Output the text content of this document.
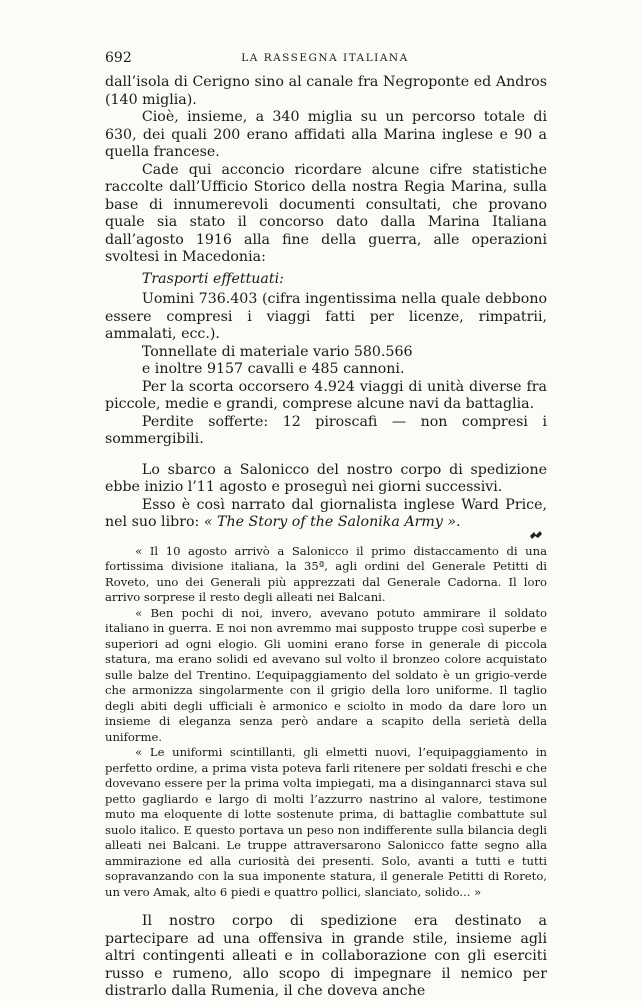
692	LA RASSEGNA ITALIANA

dall’isola di Cerigno sino al canale fra Negroponte ed Andros (140 miglia).

Cioè, insieme, a 340 miglia su un percorso totale di 630, dei quali 200 erano affidati alla Marina inglese e 90 a quella francese.

Cade qui acconcio ricordare alcune cifre statistiche raccolte dall’Ufficio Storico della nostra Regia Marina, sulla base di innumerevoli documenti consultati, che provano quale sia stato il concorso dato dalla Marina Italiana dall’agosto 1916 alla fine della guerra, alle operazioni svoltesi in Macedonia:

Trasporti effettuati:

Uomini 736.403 (cifra ingentissima nella quale debbono essere compresi i viaggi fatti per licenze, rimpatrii, ammalati, ecc.).

Tonnellate di materiale vario 580.566

e inoltre 9157 cavalli e 485 cannoni.

Per la scorta occorsero 4.924 viaggi di unità diverse fra piccole, medie e grandi, comprese alcune navi da battaglia.

Perdite sofferte: 12 piroscafi — non compresi i sommergibili.

Lo sbarco a Salonicco del nostro corpo di spedizione ebbe inizio l’11 agosto e proseguì nei giorni successivi.

Esso è così narrato dal giornalista inglese Ward Price, nel suo libro: « The Story of the Salonika Army ».

« Il 10 agosto arrivò a Salonicco il primo distaccamento di una fortissima divisione italiana, la 35ª, agli ordini del Generale Petitti di Roveto, uno dei Generali più apprezzati dal Generale Cadorna. Il loro arrivo sorprese il resto degli alleati nei Balcani.

« Ben pochi di noi, invero, avevano potuto ammirare il soldato italiano in guerra. E noi non avremmo mai supposto truppe così superbe e superiori ad ogni elogio. Gli uomini erano forse in generale di piccola statura, ma erano solidi ed avevano sul volto il bronzeo colore acquistato sulle balze del Trentino. L’equipaggiamento del soldato è un grigio-verde che armonizza singolarmente con il grigio della loro uniforme. Il taglio degli abiti degli ufficiali è armonico e sciolto in modo da dare loro un insieme di eleganza senza però andare a scapito della serietà della uniforme.

« Le uniformi scintillanti, gli elmetti nuovi, l’equipaggiamento in perfetto ordine, a prima vista poteva farli ritenere per soldati freschi e che dovevano essere per la prima volta impiegati, ma a disingannarci stava sul petto gagliardo e largo di molti l’azzurro nastrino al valore, testimone muto ma eloquente di lotte sostenute prima, di battaglie combattute sul suolo italico. E questo portava un peso non indifferente sulla bilancia degli alleati nei Balcani. Le truppe attraversarono Salonicco fatte segno alla ammirazione ed alla curiosità dei presenti. Solo, avanti a tutti e tutti sopravanzando con la sua imponente statura, il generale Petitti di Roreto, un vero Amak, alto 6 piedi e quattro pollici, slanciato, solido... »

Il nostro corpo di spedizione era destinato a partecipare ad una offensiva in grande stile, insieme agli altri contingenti alleati e in collaborazione con gli eserciti russo e rumeno, allo scopo di impegnare il nemico per distrarlo dalla Rumenia, il che doveva anche
